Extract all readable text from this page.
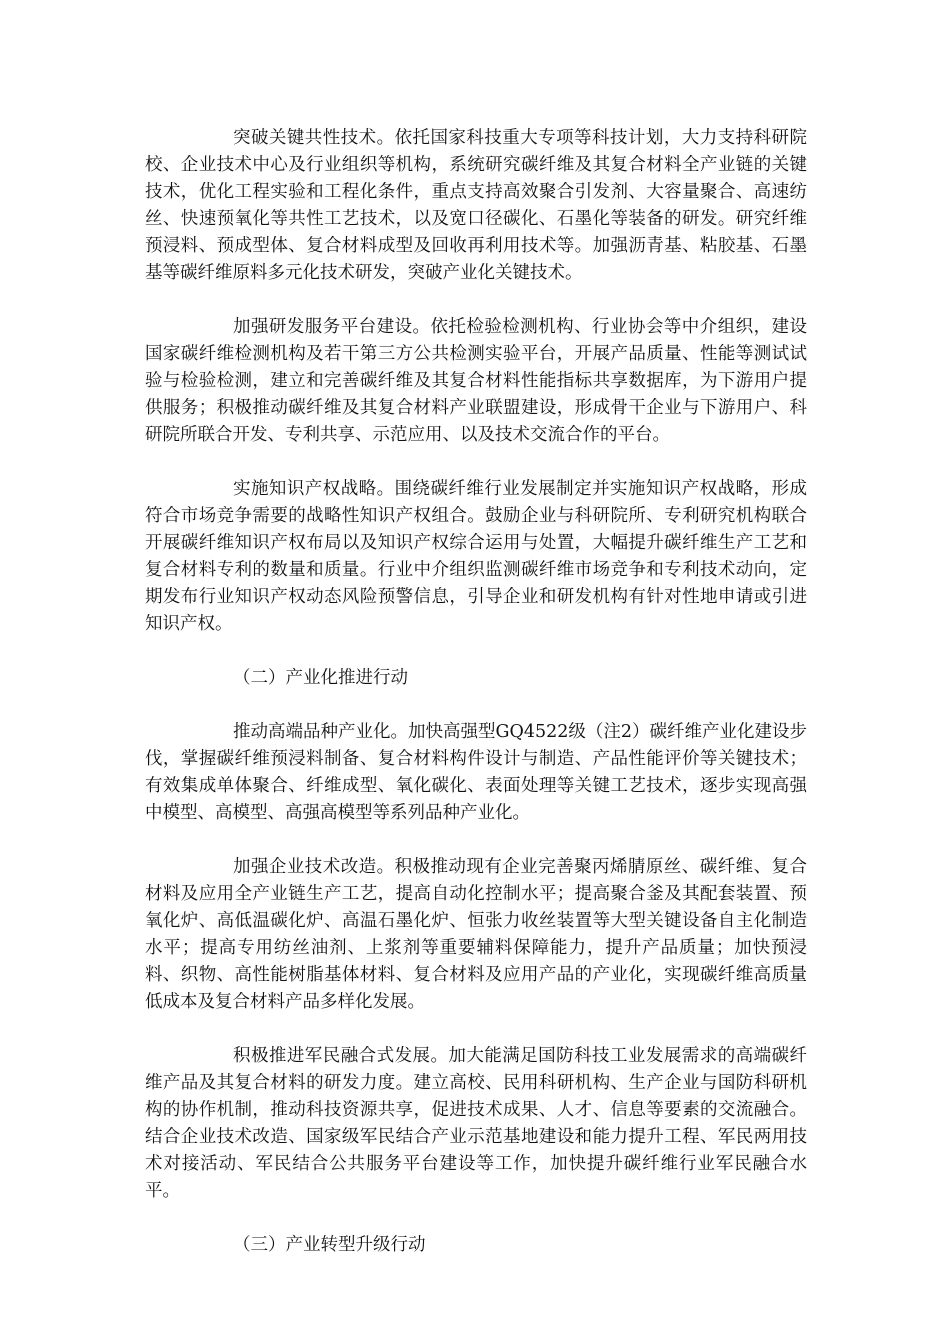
突破关键共性技术。依托国家科技重大专项等科技计划，大力支持科研院校、企业技术中心及行业组织等机构，系统研究碳纤维及其复合材料全产业链的关键技术，优化工程实验和工程化条件，重点支持高效聚合引发剂、大容量聚合、高速纺丝、快速预氧化等共性工艺技术，以及宽口径碳化、石墨化等装备的研发。研究纤维预浸料、预成型体、复合材料成型及回收再利用技术等。加强沥青基、粘胶基、石墨基等碳纤维原料多元化技术研发，突破产业化关键技术。

加强研发服务平台建设。依托检验检测机构、行业协会等中介组织，建设国家碳纤维检测机构及若干第三方公共检测实验平台，开展产品质量、性能等测试试验与检验检测，建立和完善碳纤维及其复合材料性能指标共享数据库，为下游用户提供服务；积极推动碳纤维及其复合材料产业联盟建设，形成骨干企业与下游用户、科研院所联合开发、专利共享、示范应用、以及技术交流合作的平台。

实施知识产权战略。围绕碳纤维行业发展制定并实施知识产权战略，形成符合市场竞争需要的战略性知识产权组合。鼓励企业与科研院所、专利研究机构联合开展碳纤维知识产权布局以及知识产权综合运用与处置，大幅提升碳纤维生产工艺和复合材料专利的数量和质量。行业中介组织监测碳纤维市场竞争和专利技术动向，定期发布行业知识产权动态风险预警信息，引导企业和研发机构有针对性地申请或引进知识产权。

（二）产业化推进行动

推动高端品种产业化。加快高强型GQ4522级（注2）碳纤维产业化建设步伐，掌握碳纤维预浸料制备、复合材料构件设计与制造、产品性能评价等关键技术；有效集成单体聚合、纤维成型、氧化碳化、表面处理等关键工艺技术，逐步实现高强中模型、高模型、高强高模型等系列品种产业化。

加强企业技术改造。积极推动现有企业完善聚丙烯腈原丝、碳纤维、复合材料及应用全产业链生产工艺，提高自动化控制水平；提高聚合釜及其配套装置、预氧化炉、高低温碳化炉、高温石墨化炉、恒张力收丝装置等大型关键设备自主化制造水平；提高专用纺丝油剂、上浆剂等重要辅料保障能力，提升产品质量；加快预浸料、织物、高性能树脂基体材料、复合材料及应用产品的产业化，实现碳纤维高质量低成本及复合材料产品多样化发展。

积极推进军民融合式发展。加大能满足国防科技工业发展需求的高端碳纤维产品及其复合材料的研发力度。建立高校、民用科研机构、生产企业与国防科研机构的协作机制，推动科技资源共享，促进技术成果、人才、信息等要素的交流融合。结合企业技术改造、国家级军民结合产业示范基地建设和能力提升工程、军民两用技术对接活动、军民结合公共服务平台建设等工作，加快提升碳纤维行业军民融合水平。

（三）产业转型升级行动
